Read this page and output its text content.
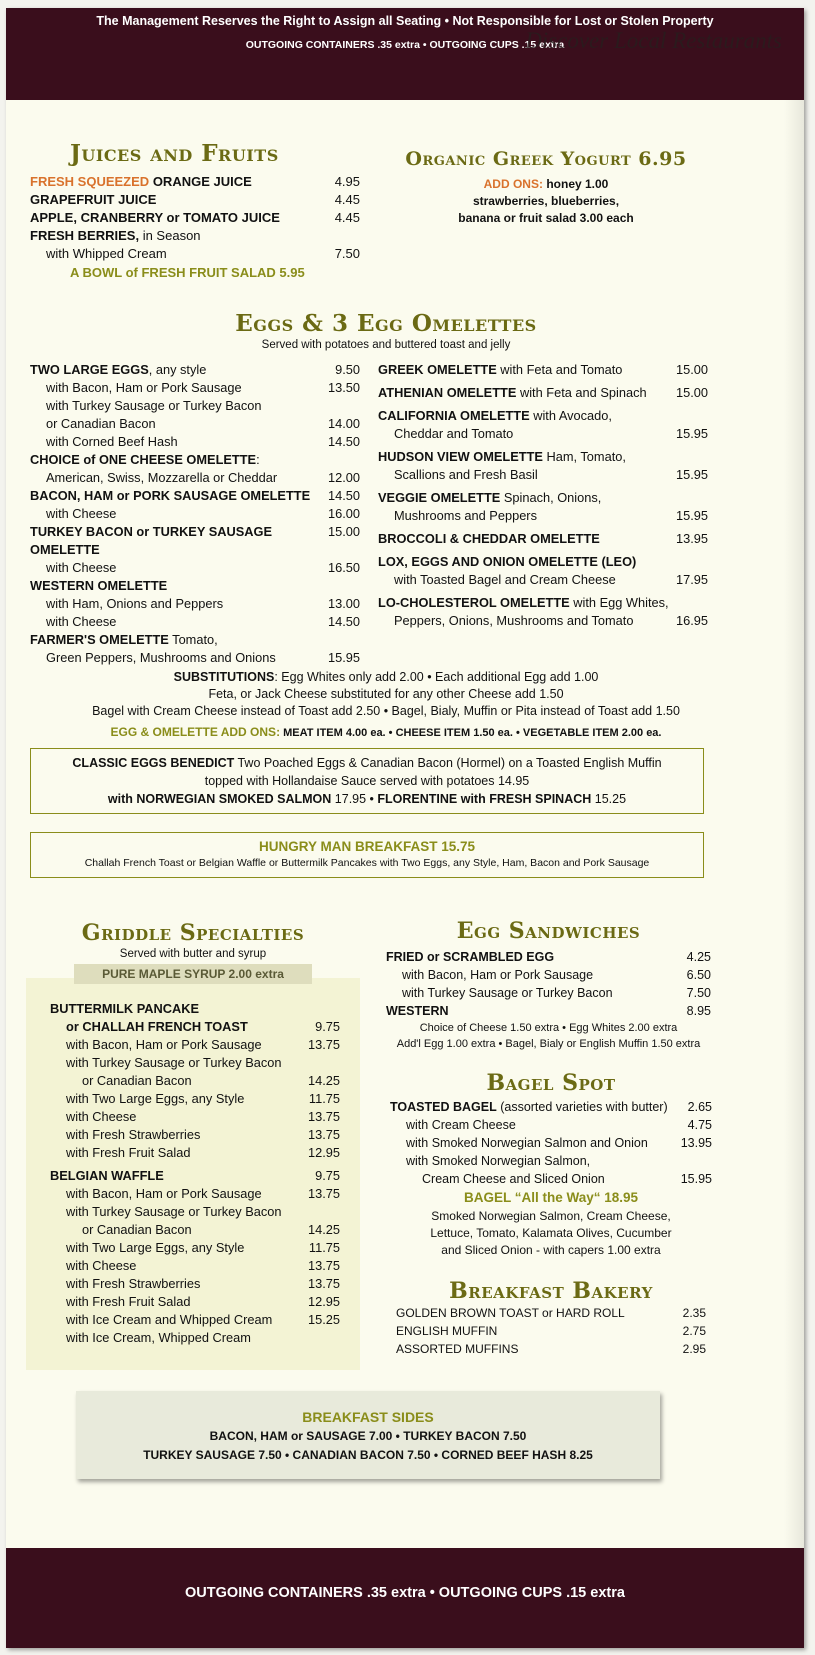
The Management Reserves the Right to Assign all Seating • Not Responsible for Lost or Stolen Property
OUTGOING CONTAINERS .35 extra • OUTGOING CUPS .15 extra
Discover Local Restaurants
Juices and Fruits
FRESH SQUEEZED ORANGE JUICE	4.95
GRAPEFRUIT JUICE	4.45
APPLE, CRANBERRY or TOMATO JUICE	4.45
FRESH BERRIES, in Season
with Whipped Cream	7.50
A BOWL of FRESH FRUIT SALAD 5.95
Organic Greek Yogurt 6.95
ADD ONS: honey 1.00
strawberries, blueberries,
banana or fruit salad 3.00 each
Eggs & 3 Egg Omelettes
Served with potatoes and buttered toast and jelly
TWO LARGE EGGS, any style	9.50
with Bacon, Ham or Pork Sausage	13.50
with Turkey Sausage or Turkey Bacon
or Canadian Bacon	14.00
with Corned Beef Hash	14.50
CHOICE of ONE CHEESE OMELETTE:
American, Swiss, Mozzarella or Cheddar	12.00
BACON, HAM or PORK SAUSAGE OMELETTE 14.50
with Cheese	16.00
TURKEY BACON or TURKEY SAUSAGE OMELETTE
15.00
with Cheese	16.50
WESTERN OMELETTE
with Ham, Onions and Peppers	13.00
with Cheese	14.50
FARMER'S OMELETTE Tomato,
Green Peppers, Mushrooms and Onions	15.95
GREEK OMELETTE with Feta and Tomato	15.00
ATHENIAN OMELETTE with Feta and Spinach 15.00
CALIFORNIA OMELETTE with Avocado,
Cheddar and Tomato	15.95
HUDSON VIEW OMELETTE Ham, Tomato,
Scallions and Fresh Basil	15.95
VEGGIE OMELETTE Spinach, Onions,
Mushrooms and Peppers	15.95
BROCCOLI & CHEDDAR OMELETTE	13.95
LOX, EGGS AND ONION OMELETTE (LEO)
with Toasted Bagel and Cream Cheese	17.95
LO-CHOLESTEROL OMELETTE with Egg Whites,
Peppers, Onions, Mushrooms and Tomato	16.95
SUBSTITUTIONS: Egg Whites only add 2.00 • Each additional Egg add 1.00
Feta, or Jack Cheese substituted for any other Cheese add 1.50
Bagel with Cream Cheese instead of Toast add 2.50 • Bagel, Bialy, Muffin or Pita instead of Toast add 1.50
EGG & OMELETTE ADD ONS: MEAT ITEM 4.00 ea. • CHEESE ITEM 1.50 ea. • VEGETABLE ITEM 2.00 ea.
CLASSIC EGGS BENEDICT Two Poached Eggs & Canadian Bacon (Hormel) on a Toasted English Muffin
topped with Hollandaise Sauce served with potatoes 14.95
with NORWEGIAN SMOKED SALMON 17.95 • FLORENTINE with FRESH SPINACH 15.25
HUNGRY MAN BREAKFAST 15.75
Challah French Toast or Belgian Waffle or Buttermilk Pancakes with Two Eggs, any Style, Ham, Bacon and Pork Sausage
Griddle Specialties
Served with butter and syrup
PURE MAPLE SYRUP 2.00 extra
BUTTERMILK PANCAKE
or CHALLAH FRENCH TOAST	9.75
with Bacon, Ham or Pork Sausage	13.75
with Turkey Sausage or Turkey Bacon
or Canadian Bacon	14.25
with Two Large Eggs, any Style	11.75
with Cheese	13.75
with Fresh Strawberries	13.75
with Fresh Fruit Salad	12.95
BELGIAN WAFFLE	9.75
with Bacon, Ham or Pork Sausage	13.75
with Turkey Sausage or Turkey Bacon
or Canadian Bacon	14.25
with Two Large Eggs, any Style	11.75
with Cheese	13.75
with Fresh Strawberries	13.75
with Fresh Fruit Salad	12.95
with Ice Cream and Whipped Cream	15.25
with Ice Cream, Whipped Cream
Egg Sandwiches
FRIED or SCRAMBLED EGG	4.25
with Bacon, Ham or Pork Sausage	6.50
with Turkey Sausage or Turkey Bacon	7.50
WESTERN	8.95
Choice of Cheese 1.50 extra • Egg Whites 2.00 extra
Add'l Egg 1.00 extra • Bagel, Bialy or English Muffin 1.50 extra
Bagel Spot
TOASTED BAGEL (assorted varieties with butter) 2.65
with Cream Cheese	4.75
with Smoked Norwegian Salmon and Onion	13.95
with Smoked Norwegian Salmon,
Cream Cheese and Sliced Onion	15.95
BAGEL “All the Way“ 18.95
Smoked Norwegian Salmon, Cream Cheese,
Lettuce, Tomato, Kalamata Olives, Cucumber
and Sliced Onion - with capers 1.00 extra
Breakfast Bakery
GOLDEN BROWN TOAST or HARD ROLL	2.35
ENGLISH MUFFIN	2.75
ASSORTED MUFFINS	2.95
BREAKFAST SIDES
BACON, HAM or SAUSAGE 7.00 • TURKEY BACON 7.50
TURKEY SAUSAGE 7.50 • CANADIAN BACON 7.50 • CORNED BEEF HASH 8.25
OUTGOING CONTAINERS .35 extra • OUTGOING CUPS .15 extra
